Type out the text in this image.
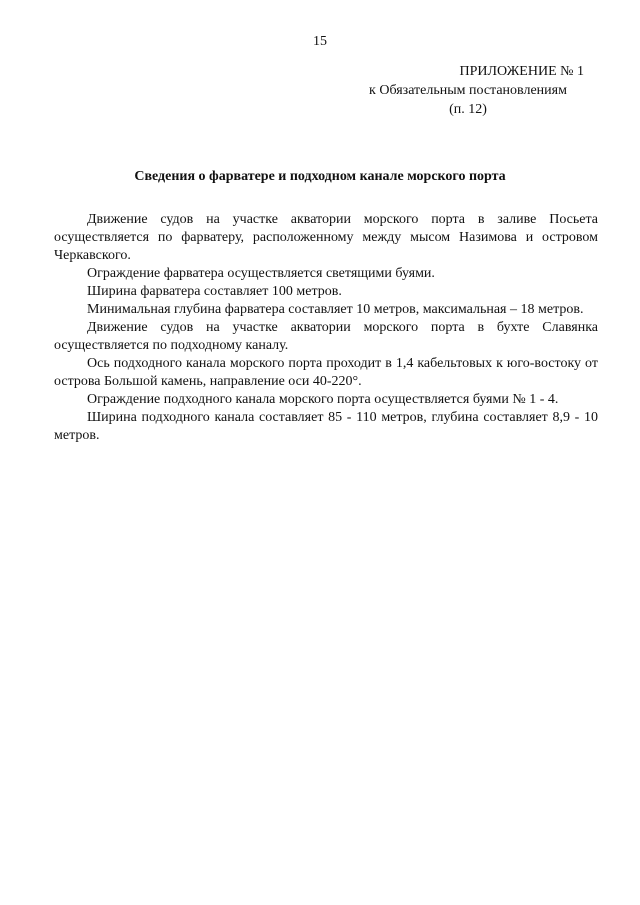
15
ПРИЛОЖЕНИЕ № 1
к Обязательным постановлениям
(п. 12)
Сведения о фарватере и подходном канале морского порта

Движение судов на участке акватории морского порта в заливе Посьета осуществляется по фарватеру, расположенному между мысом Назимова и островом Черкавского.

Ограждение фарватера осуществляется светящими буями.

Ширина фарватера составляет 100 метров.

Минимальная глубина фарватера составляет 10 метров, максимальная – 18 метров.

Движение судов на участке акватории морского порта в бухте Славянка осуществляется по подходному каналу.

Ось подходного канала морского порта проходит в 1,4 кабельтовых к юго-востоку от острова Большой камень, направление оси 40-220°.

Ограждение подходного канала морского порта осуществляется буями № 1 - 4.

Ширина подходного канала составляет 85 - 110 метров, глубина составляет 8,9 - 10 метров.
